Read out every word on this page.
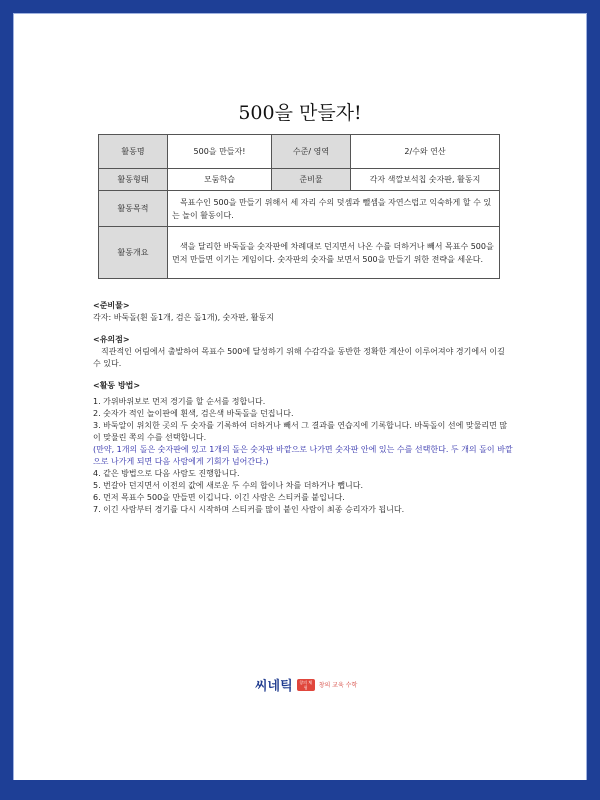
500을 만들자!
활동명	500을 만들자!	수준/ 영역	2/수와 연산
활동형태	모둠학습	준비물	각자 색깔보석칩 숫자판, 활동지
활동목적	목표수인 500을 만들기 위해서 세 자리 수의 덧셈과 뺄셈을 자연스럽고 익숙하게 할 수 있는 놀이 활동이다.		
활동개요	색을 달리한 바둑돌을 숫자판에 차례대로 던지면서 나온 수를 더하거나 빼서 목표수 500을 먼저 만들면 이기는 게임이다. 숫자판의 숫자를 보면서 500을 만들기 위한 전략을 세운다.		

<준비물>

각자: 바둑돌(흰 돌1개, 검은 돌1개), 숫자판, 활동지

<유의점>

직관적인 어림에서 출발하여 목표수 500에 달성하기 위해 수감각을 동반한 정확한 계산이 이루어져야 경기에서 이길 수 있다.

<활동 방법>

1. 가위바위보로 먼저 경기를 할 순서를 정합니다.

2. 숫자가 적인 놀이판에 흰색, 검은색 바둑돌을 던집니다.

3. 바둑알이 위치한 곳의 두 숫자를 기록하여 더하거나 빼서 그 결과를 연습지에 기록합니다. 바둑돌이 선에 맞물리면 많이 맞물린 쪽의 수를 선택합니다.

(만약, 1개의 돌은 숫자판에 있고 1개의 돌은 숫자판 바깥으로 나가면 숫자판 안에 있는 수를 선택한다. 두 개의 돌이 바깥으로 나가게 되면 다음 사람에게 기회가 넘어간다.)

4. 같은 방법으로 다음 사람도 진행합니다.

5. 번갈아 던지면서 이전의 값에 새로운 두 수의 합이나 차를 더하거나 뺍니다.

6. 먼저 목표수 500을 만들면 이깁니다. 이긴 사람은 스티커를 붙입니다.

7. 이긴 사람부터 경기를 다시 시작하며 스티커를 많이 붙인 사람이 최종 승리자가 됩니다.

씨네틱	창의 체험	창의 교육 수학
